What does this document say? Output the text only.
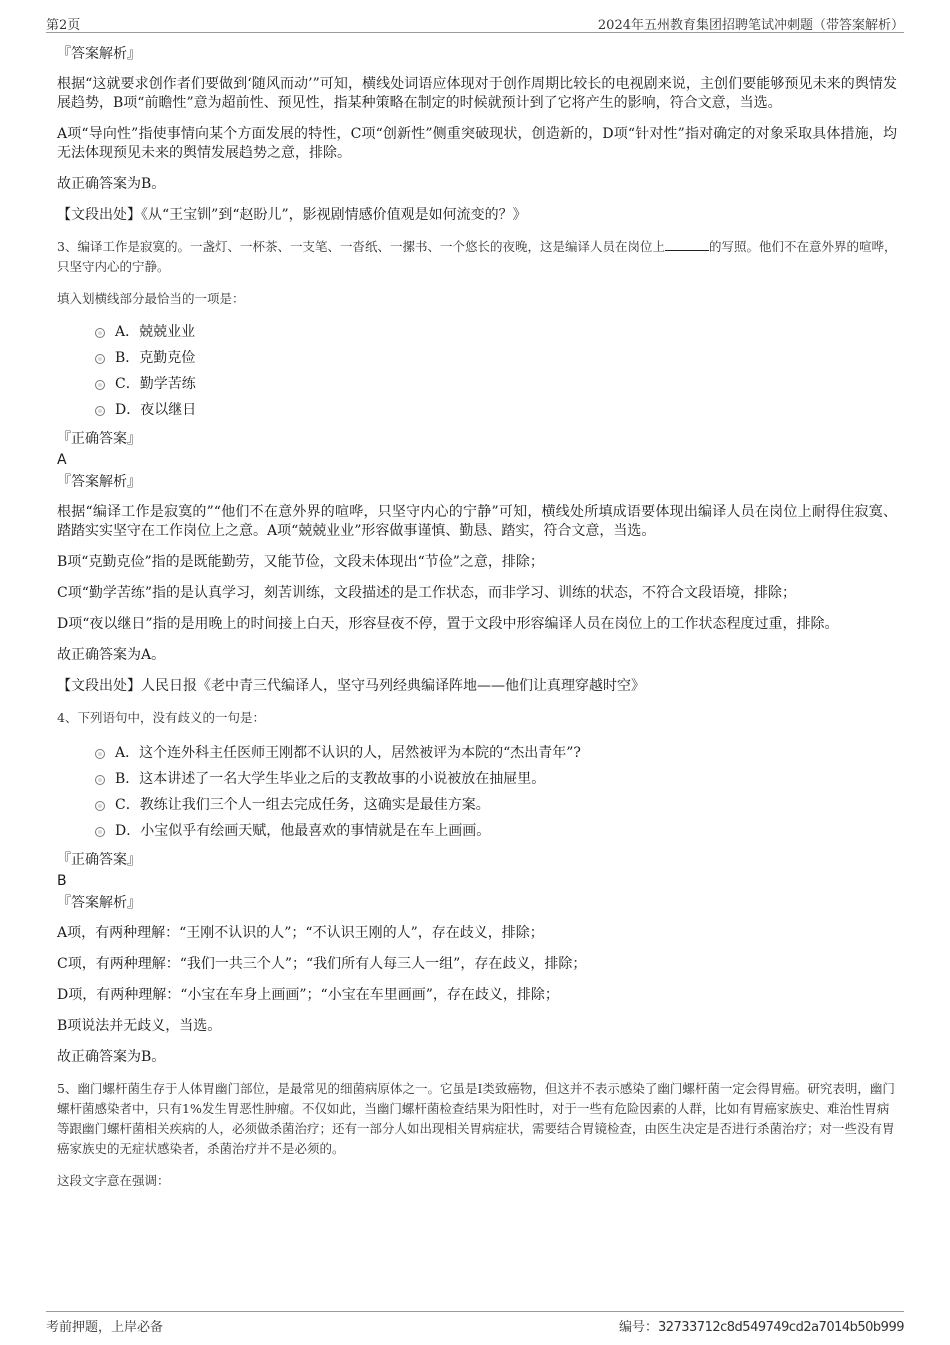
第2页	2024年五州教育集团招聘笔试冲刺题（带答案解析）
『答案解析』

根据“这就要求创作者们要做到‘随风而动’”可知，横线处词语应体现对于创作周期比较长的电视剧来说，主创们要能够预见未来的舆情发展趋势，B项“前瞻性”意为超前性、预见性，指某种策略在制定的时候就预计到了它将产生的影响，符合文意，当选。

A项“导向性”指使事情向某个方面发展的特性，C项“创新性”侧重突破现状，创造新的，D项“针对性”指对确定的对象采取具体措施，均无法体现预见未来的舆情发展趋势之意，排除。

故正确答案为B。

【文段出处】《从“王宝钏”到“赵盼儿”，影视剧情感价值观是如何流变的？》

3、编译工作是寂寞的。一盏灯、一杯茶、一支笔、一沓纸、一摞书、一个悠长的夜晚，这是编译人员在岗位上	的写照。他们不在意外界的喧哗，只坚守内心的宁静。
填入划横线部分最恰当的一项是：
A．兢兢业业
B．克勤克俭
C．勤学苦练
D．夜以继日
『正确答案』
A
『答案解析』

根据“编译工作是寂寞的”“他们不在意外界的喧哗，只坚守内心的宁静”可知，横线处所填成语要体现出编译人员在岗位上耐得住寂寞、踏踏实实坚守在工作岗位上之意。A项“兢兢业业”形容做事谨慎、勤恳、踏实，符合文意，当选。

B项“克勤克俭”指的是既能勤劳，又能节俭，文段未体现出“节俭”之意，排除；

C项“勤学苦练”指的是认真学习，刻苦训练，文段描述的是工作状态，而非学习、训练的状态，不符合文段语境，排除；

D项“夜以继日”指的是用晚上的时间接上白天，形容昼夜不停，置于文段中形容编译人员在岗位上的工作状态程度过重，排除。

故正确答案为A。

【文段出处】人民日报《老中青三代编译人，坚守马列经典编译阵地——他们让真理穿越时空》

4、下列语句中，没有歧义的一句是：
A．这个连外科主任医师王刚都不认识的人，居然被评为本院的“杰出青年”?
B．这本讲述了一名大学生毕业之后的支教故事的小说被放在抽屉里。
C．教练让我们三个人一组去完成任务，这确实是最佳方案。
D．小宝似乎有绘画天赋，他最喜欢的事情就是在车上画画。
『正确答案』
B
『答案解析』

A项，有两种理解：“王刚不认识的人”；“不认识王刚的人”，存在歧义，排除；

C项，有两种理解：“我们一共三个人”；“我们所有人每三人一组”，存在歧义，排除；

D项，有两种理解：“小宝在车身上画画”；“小宝在车里画画”，存在歧义，排除；

B项说法并无歧义，当选。

故正确答案为B。

5、幽门螺杆菌生存于人体胃幽门部位，是最常见的细菌病原体之一。它虽是I类致癌物，但这并不表示感染了幽门螺杆菌一定会得胃癌。研究表明，幽门螺杆菌感染者中，只有1%发生胃恶性肿瘤。不仅如此，当幽门螺杆菌检查结果为阳性时，对于一些有危险因素的人群，比如有胃癌家族史、难治性胃病等跟幽门螺杆菌相关疾病的人，必须做杀菌治疗；还有一部分人如出现相关胃病症状，需要结合胃镜检查，由医生决定是否进行杀菌治疗；对一些没有胃癌家族史的无症状感染者，杀菌治疗并不是必须的。
这段文字意在强调：
考前押题，上岸必备	编号：32733712c8d549749cd2a7014b50b999
